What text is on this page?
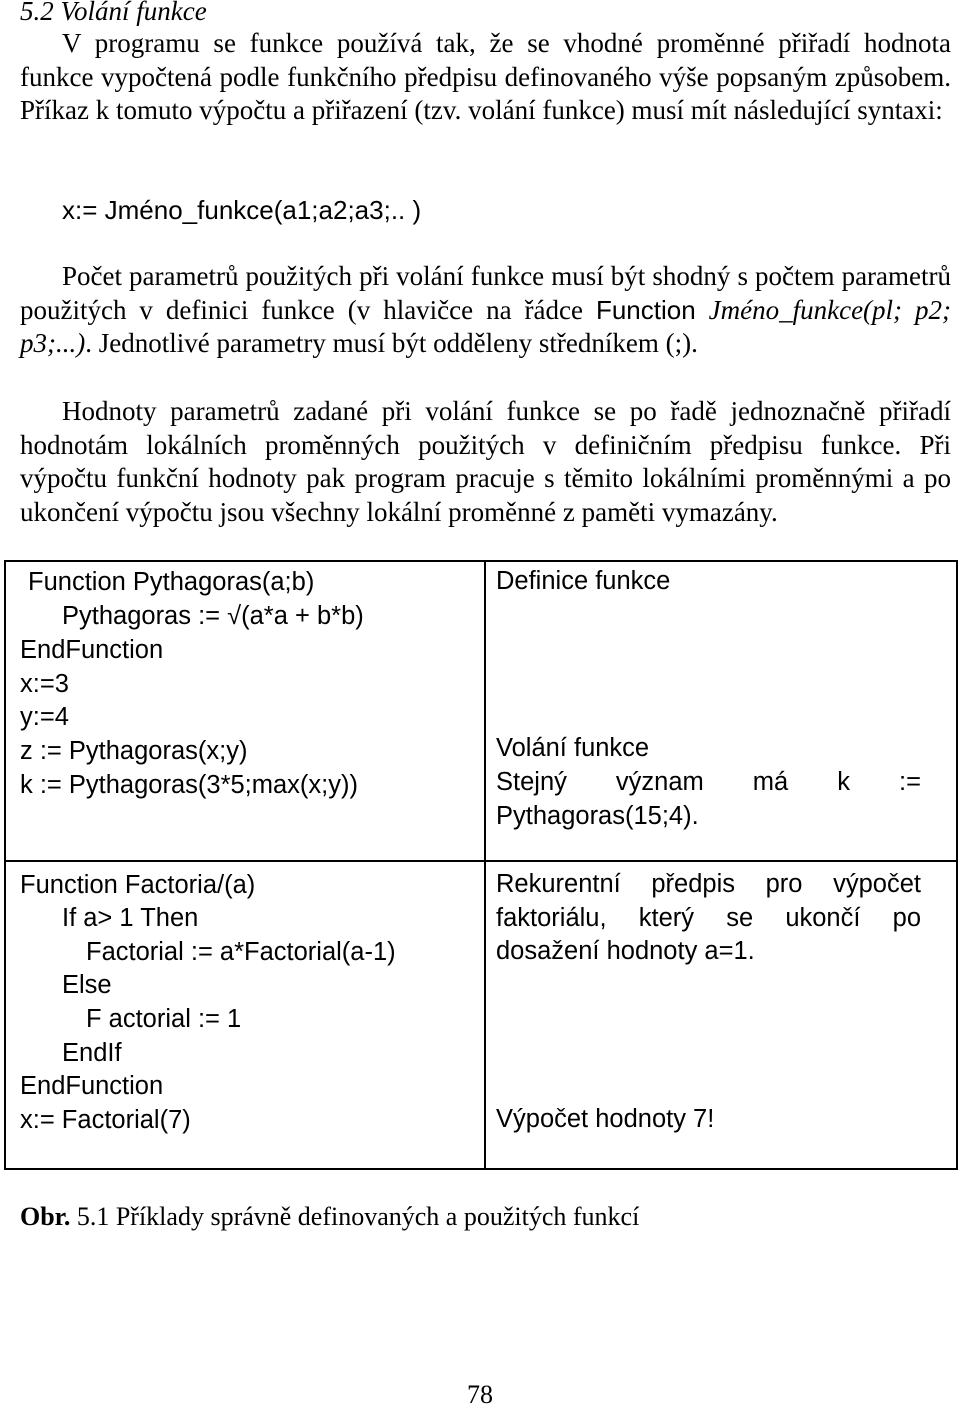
5.2 Volání funkce
V programu se funkce používá tak, že se vhodné proměnné přiřadí hodnota funkce vypočtená podle funkčního předpisu definovaného výše popsaným způsobem. Příkaz k tomuto výpočtu a přiřazení (tzv. volání funkce) musí mít následující syntaxi:
x:= Jméno_funkce(a1;a2;a3;.. )
Počet parametrů použitých při volání funkce musí být shodný s počtem parametrů použitých v definici funkce (v hlavičce na řádce Function Jméno_funkce(pl; p2; p3;...). Jednotlivé parametry musí být odděleny středníkem (;).
Hodnoty parametrů zadané při volání funkce se po řadě jednoznačně přiřadí hodnotám lokálních proměnných použitých v definičním předpisu funkce. Při výpočtu funkční hodnoty pak program pracuje s těmito lokálními proměnnými a po ukončení výpočtu jsou všechny lokální proměnné z paměti vymazány.
Function Pythagoras(a;b)
Pythagoras := √(a*a + b*b)
EndFunction
x:=3
y:=4
z := Pythagoras(x;y)
k := Pythagoras(3*5;max(x;y))
Definice funkce
Volání funkce
Stejný význam má k := Pythagoras(15;4).
Function Factoria/(a)
If a> 1 Then
Factorial := a*Factorial(a-1)
Else
F actorial := 1
EndIf
EndFunction
x:= Factorial(7)
Rekurentní předpis pro výpočet faktoriálu, který se ukončí po dosažení hodnoty a=1.
Výpočet hodnoty 7!
Obr. 5.1 Příklady správně definovaných a použitých funkcí
78
